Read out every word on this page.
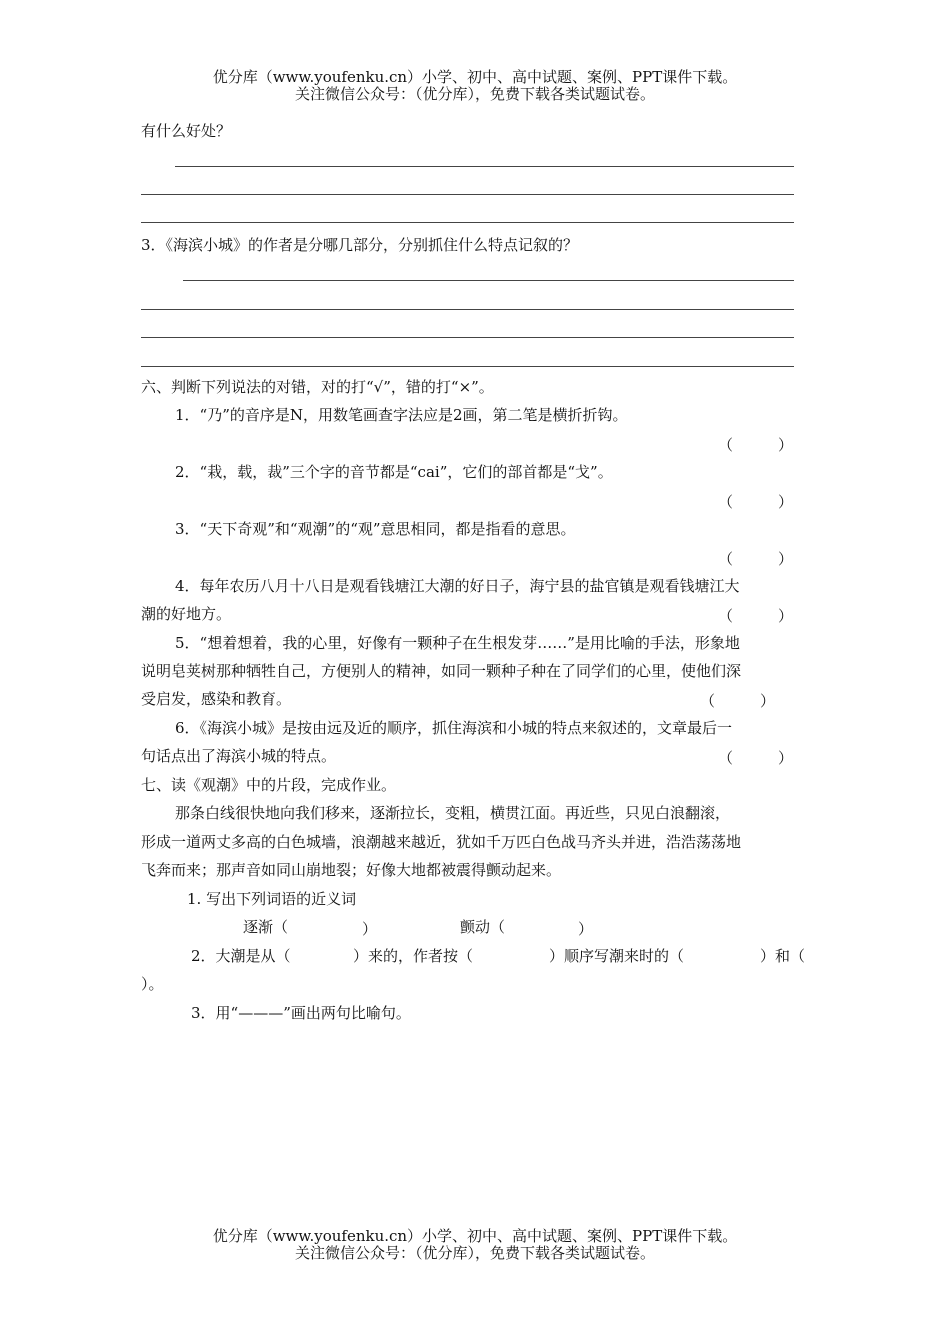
优分库（www.youfenku.cn）小学、初中、高中试题、案例、PPT课件下载。
关注微信公众号：（优分库），免费下载各类试题试卷。
有什么好处？
3．《海滨小城》的作者是分哪几部分，分别抓住什么特点记叙的？
六、判断下列说法的对错，对的打“√”，错的打“×”。
1．“乃”的音序是N，用数笔画查字法应是2画，第二笔是横折折钩。
（	）
2．“栽，载，裁”三个字的音节都是“cai”，它们的部首都是“戈”。
（	）
3．“天下奇观”和“观潮”的“观”意思相同，都是指看的意思。
（	）
4．每年农历八月十八日是观看钱塘江大潮的好日子，海宁县的盐官镇是观看钱塘江大
潮的好地方。	（	）
5．“想着想着，我的心里，好像有一颗种子在生根发芽……”是用比喻的手法，形象地
说明皂荚树那种牺牲自己，方便别人的精神，如同一颗种子种在了同学们的心里，使他们深
受启发，感染和教育。	（	）
6．《海滨小城》是按由远及近的顺序，抓住海滨和小城的特点来叙述的，文章最后一
句话点出了海滨小城的特点。	（	）
七、读《观潮》中的片段，完成作业。
那条白线很快地向我们移来，逐渐拉长，变粗，横贯江面。再近些，只见白浪翻滚，
形成一道两丈多高的白色城墙，浪潮越来越近，犹如千万匹白色战马齐头并进，浩浩荡荡地
飞奔而来；那声音如同山崩地裂；好像大地都被震得颤动起来。
1. 写出下列词语的近义词
逐渐（	）	颤动（	）
2．大潮是从（	）来的，作者按（	）顺序写潮来时的（	）和（
）。
3．用“———”画出两句比喻句。
优分库（www.youfenku.cn）小学、初中、高中试题、案例、PPT课件下载。
关注微信公众号：（优分库），免费下载各类试题试卷。
